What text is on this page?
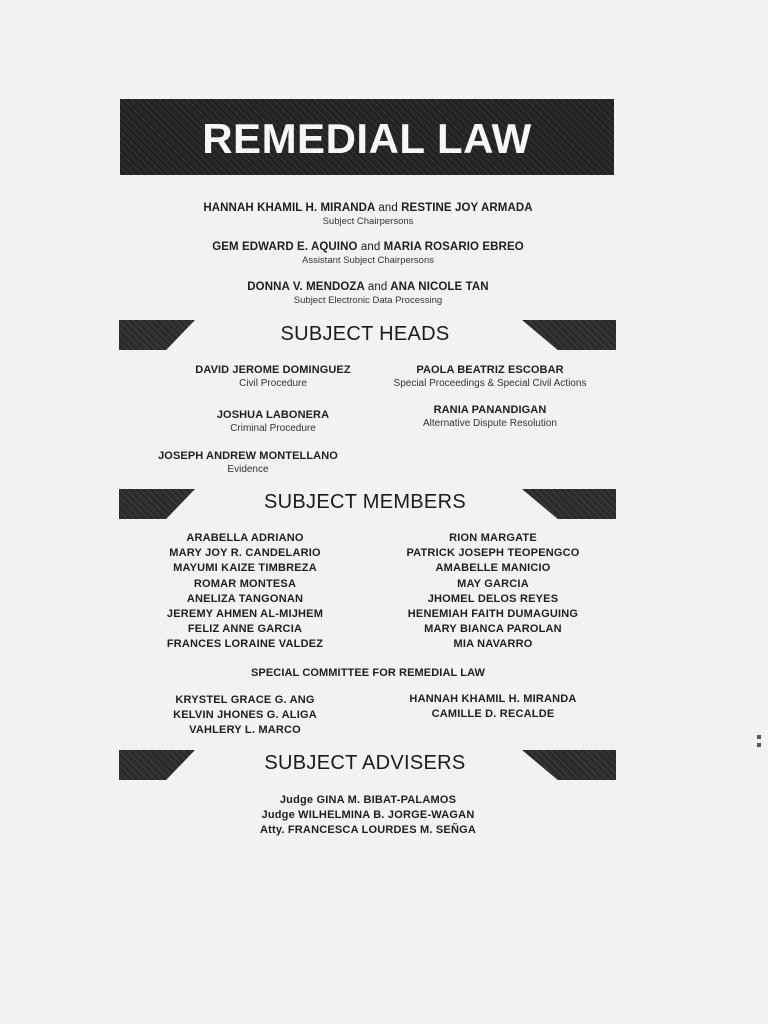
REMEDIAL LAW
HANNAH KHAMIL H. MIRANDA and RESTINE JOY ARMADA
Subject Chairpersons
GEM EDWARD E. AQUINO and MARIA ROSARIO EBREO
Assistant Subject Chairpersons
DONNA V. MENDOZA and ANA NICOLE TAN
Subject Electronic Data Processing
SUBJECT HEADS
DAVID JEROME DOMINGUEZ
Civil Procedure
JOSHUA LABONERA
Criminal Procedure
JOSEPH ANDREW MONTELLANO
Evidence
PAOLA BEATRIZ ESCOBAR
Special Proceedings & Special Civil Actions
RANIA PANANDIGAN
Alternative Dispute Resolution
SUBJECT MEMBERS
ARABELLA ADRIANO
MARY JOY R. CANDELARIO
MAYUMI KAIZE TIMBREZA
ROMAR MONTESA
ANELIZA TANGONAN
JEREMY AHMEN AL-MIJHEM
FELIZ ANNE GARCIA
FRANCES LORAINE VALDEZ
RION MARGATE
PATRICK JOSEPH TEOPENGCO
AMABELLE MANICIO
MAY GARCIA
JHOMEL DELOS REYES
HENEMIAH FAITH DUMAGUING
MARY BIANCA PAROLAN
MIA NAVARRO
SPECIAL COMMITTEE FOR REMEDIAL LAW
KRYSTEL GRACE G. ANG
KELVIN JHONES G. ALIGA
VAHLERY L. MARCO
HANNAH KHAMIL H. MIRANDA
CAMILLE D. RECALDE
SUBJECT ADVISERS
Judge GINA M. BIBAT-PALAMOS
Judge WILHELMINA B. JORGE-WAGAN
Atty. FRANCESCA LOURDES M. SEÑGA
